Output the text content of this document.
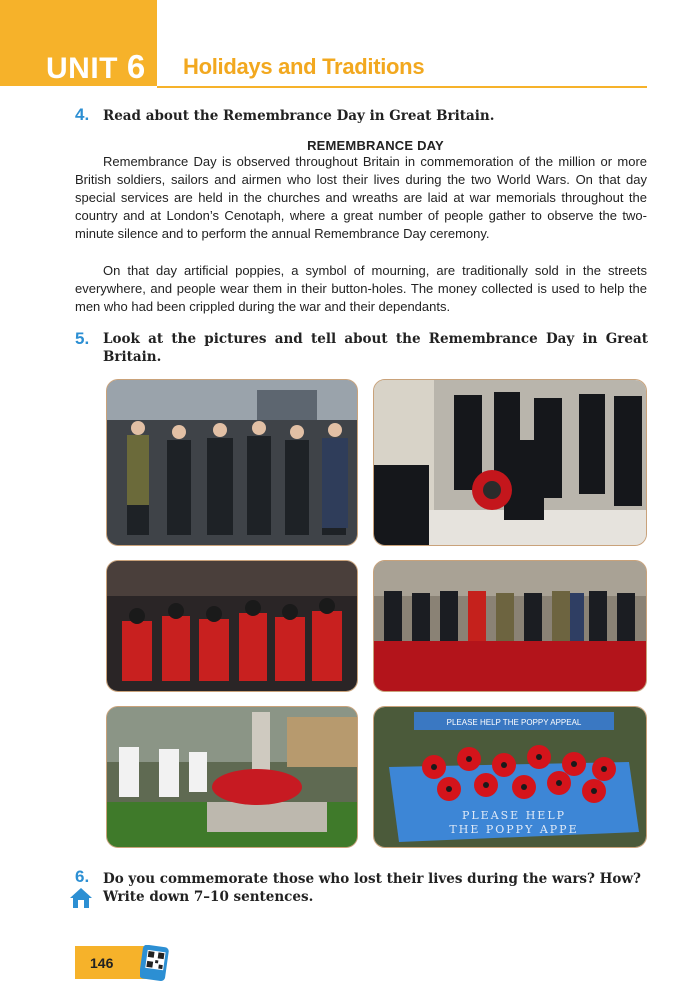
UNIT 6 Holidays and Traditions
4. Read about the Remembrance Day in Great Britain.
REMEMBRANCE DAY

Remembrance Day is observed throughout Britain in commemoration of the million or more British soldiers, sailors and airmen who lost their lives during the two World Wars. On that day special services are held in the churches and wreaths are laid at war memorials throughout the country and at London’s Cenotaph, where a great number of people gather to observe the two-minute silence and to perform the annual Remembrance Day ceremony.

On that day artificial poppies, a symbol of mourning, are traditionally sold in the streets everywhere, and people wear them in their button-holes. The money collected is used to help the men who had been crippled during the war and their dependants.

5. Look at the pictures and tell about the Remembrance Day in Great Britain.
PLEASE HELP THE POPPY APPEAL
PLEASE HELP
THE POPPY APPE
6. Do you commemorate those who lost their lives during the wars? How? Write down 7–10 sentences.
146
